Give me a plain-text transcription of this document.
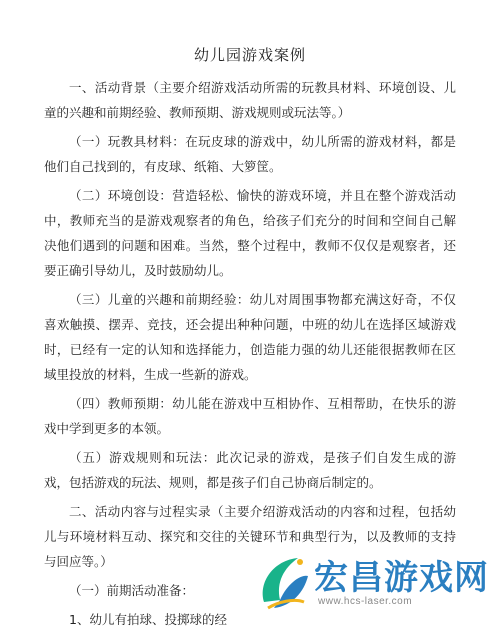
幼儿园游戏案例

一、活动背景（主要介绍游戏活动所需的玩教具材料、环境创设、儿童的兴趣和前期经验、教师预期、游戏规则或玩法等。）

（一）玩教具材料：在玩皮球的游戏中，幼儿所需的游戏材料，都是他们自己找到的，有皮球、纸箱、大箩筐。

（二）环境创设：营造轻松、愉快的游戏环境，并且在整个游戏活动中，教师充当的是游戏观察者的角色，给孩子们充分的时间和空间自己解决他们遇到的问题和困难。当然，整个过程中，教师不仅仅是观察者，还要正确引导幼儿，及时鼓励幼儿。

（三）儿童的兴趣和前期经验：幼儿对周围事物都充满这好奇，不仅喜欢触摸、摆弄、竞技，还会提出种种问题，中班的幼儿在选择区域游戏时，已经有一定的认知和选择能力，创造能力强的幼儿还能很据教师在区域里投放的材料，生成一些新的游戏。

（四）教师预期：幼儿能在游戏中互相协作、互相帮助，在快乐的游戏中学到更多的本领。

（五）游戏规则和玩法：此次记录的游戏，是孩子们自发生成的游戏，包括游戏的玩法、规则，都是孩子们自己协商后制定的。

二、活动内容与过程实录（主要介绍游戏活动的内容和过程，包括幼儿与环境材料互动、探究和交往的关键环节和典型行为，以及教师的支持与回应等。）

（一）前期活动准备：

1、幼儿有拍球、投掷球的经

宏昌游戏网
www.hcs-laser.com
